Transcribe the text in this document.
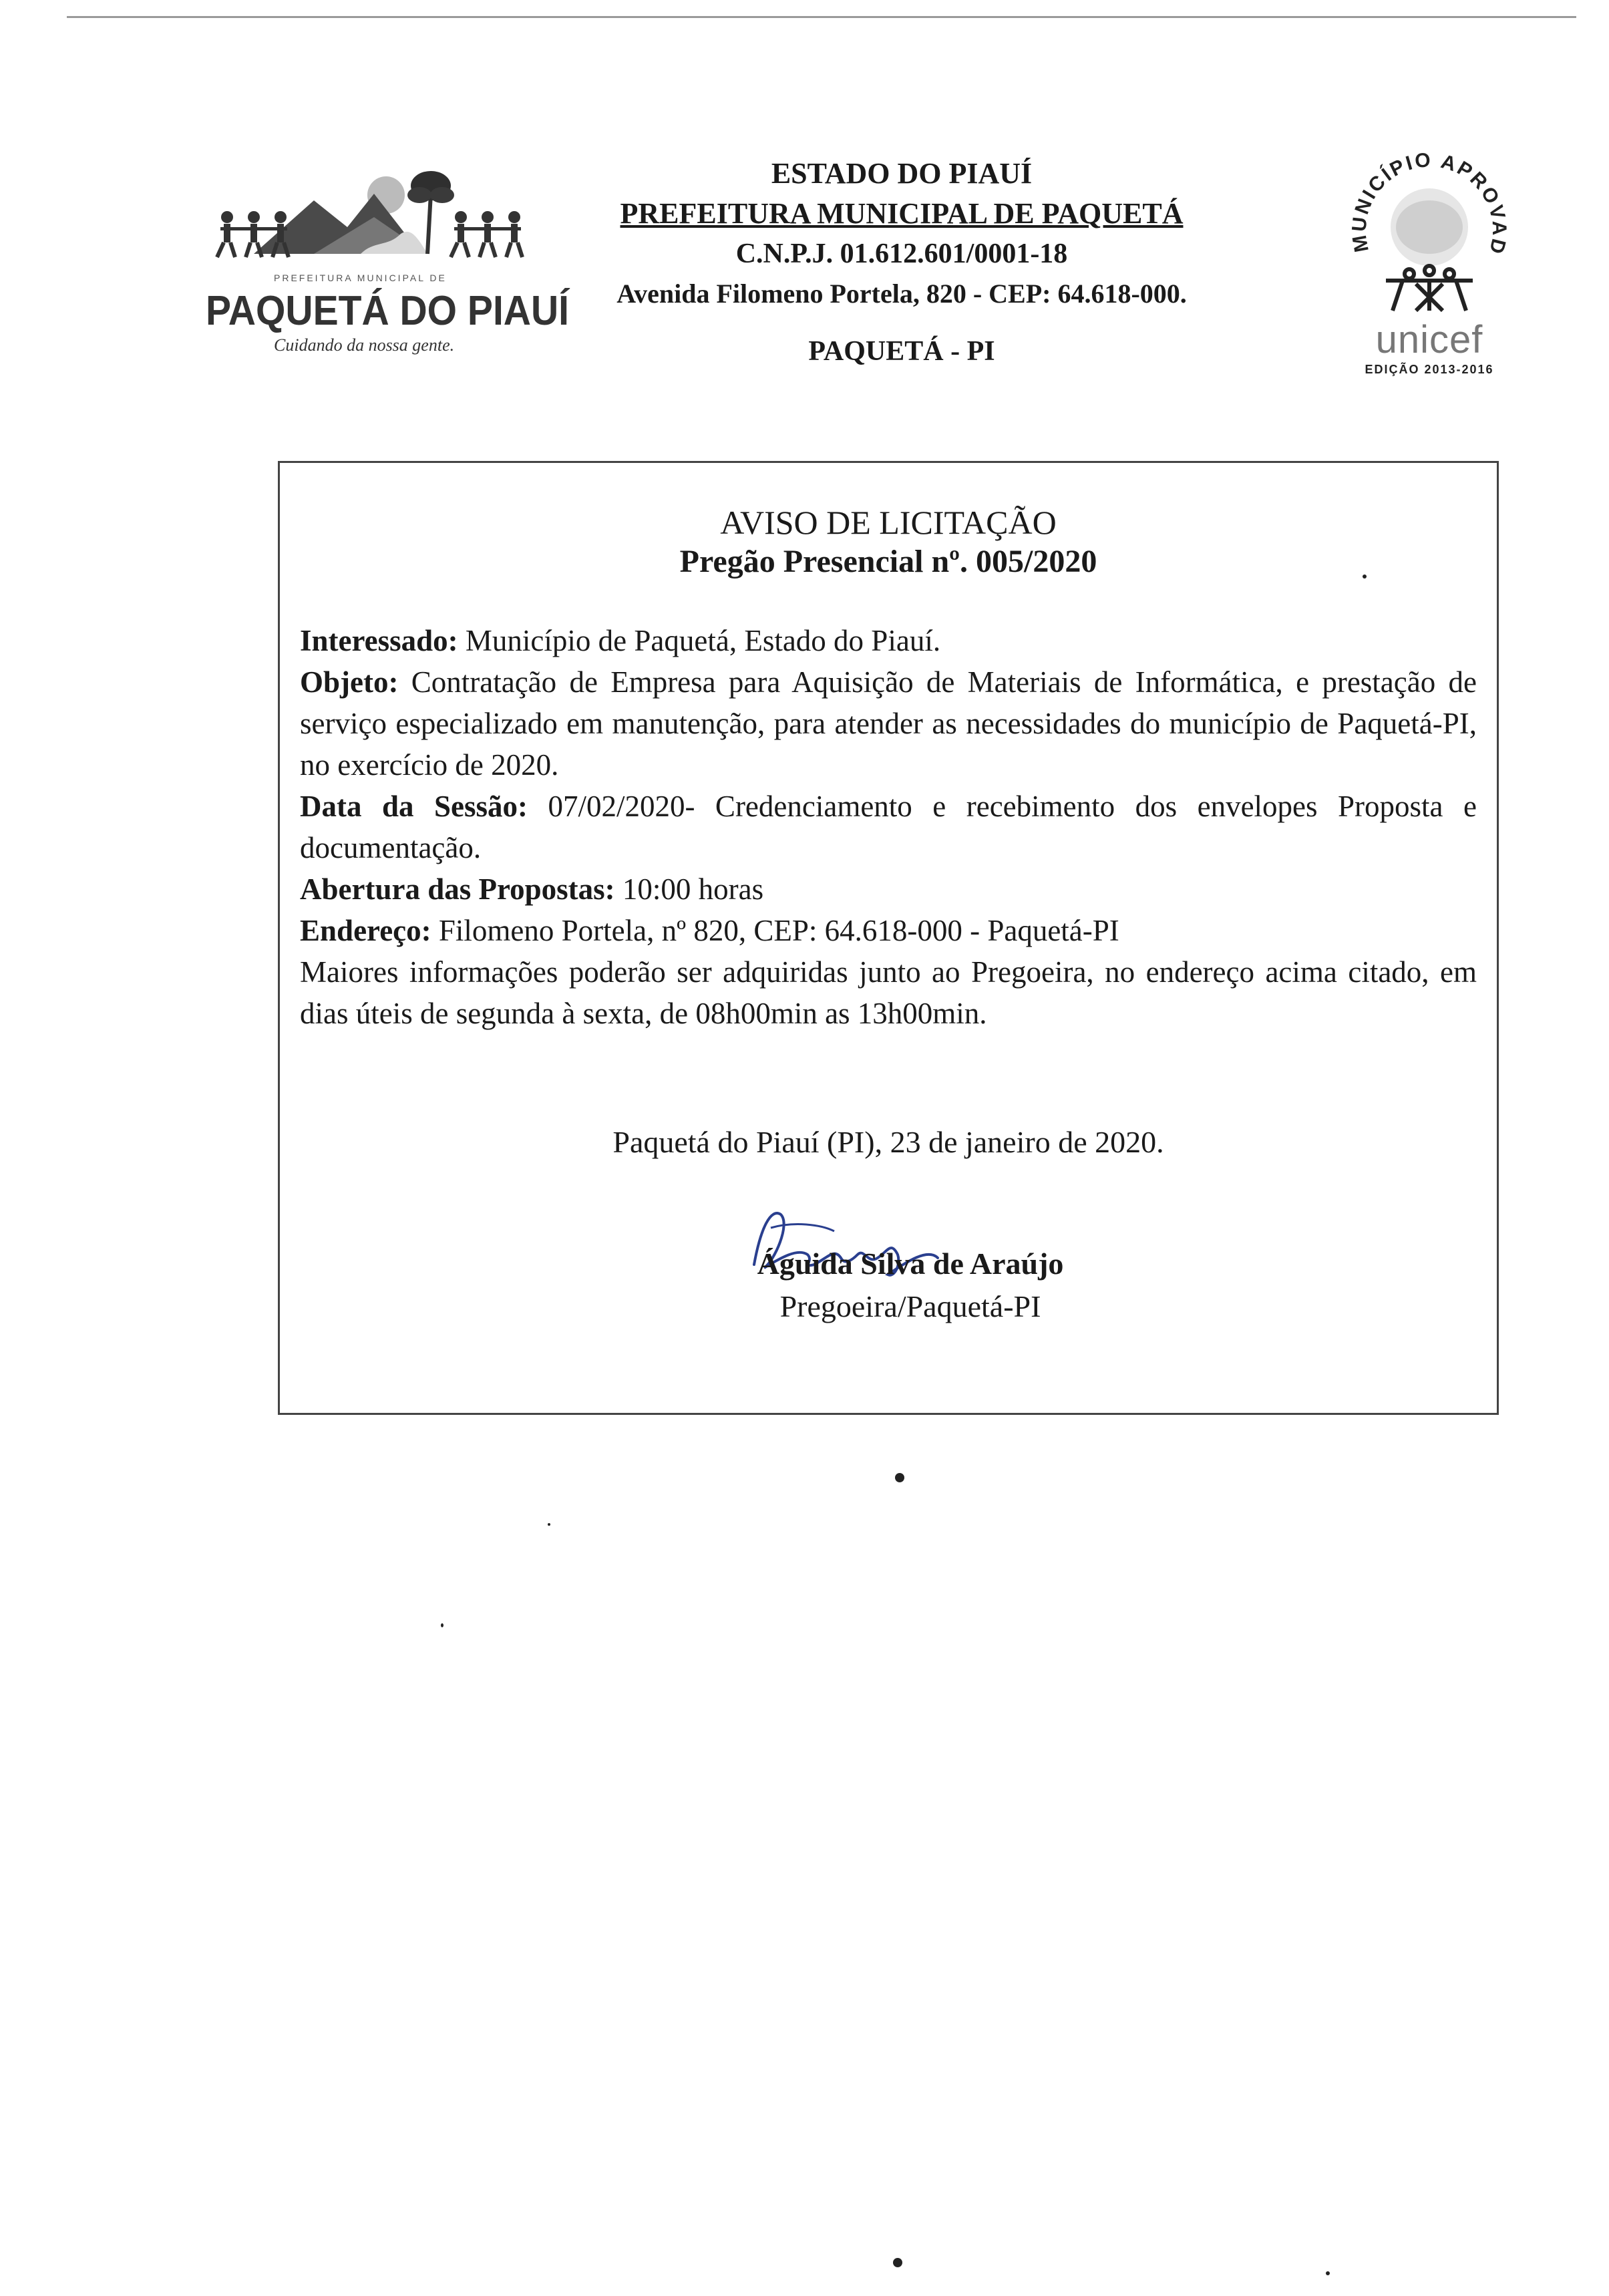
PREFEITURA MUNICIPAL DE
PAQUETÁ DO PIAUÍ
Cuidando da nossa gente.
ESTADO DO PIAUÍ
PREFEITURA MUNICIPAL DE PAQUETÁ
C.N.P.J. 01.612.601/0001-18
Avenida Filomeno Portela, 820 - CEP: 64.618-000.
PAQUETÁ - PI
MUNICÍPIO APROVAD
unicef
EDIÇÃO 2013-2016
AVISO DE LICITAÇÃO
Pregão Presencial nº. 005/2020

Interessado: Município de Paquetá, Estado do Piauí.

Objeto: Contratação de Empresa para Aquisição de Materiais de Informática, e prestação de serviço especializado em manutenção, para atender as necessidades do município de Paquetá-PI, no exercício de 2020.

Data da Sessão: 07/02/2020- Credenciamento e recebimento dos envelopes Proposta e documentação.

Abertura das Propostas: 10:00 horas

Endereço: Filomeno Portela, nº 820, CEP: 64.618-000 - Paquetá-PI

Maiores informações poderão ser adquiridas junto ao Pregoeira, no endereço acima citado, em dias úteis de segunda à sexta, de 08h00min as 13h00min.

Paquetá do Piauí (PI), 23 de janeiro de 2020.
Águida Silva de Araújo
Pregoeira/Paquetá-PI
